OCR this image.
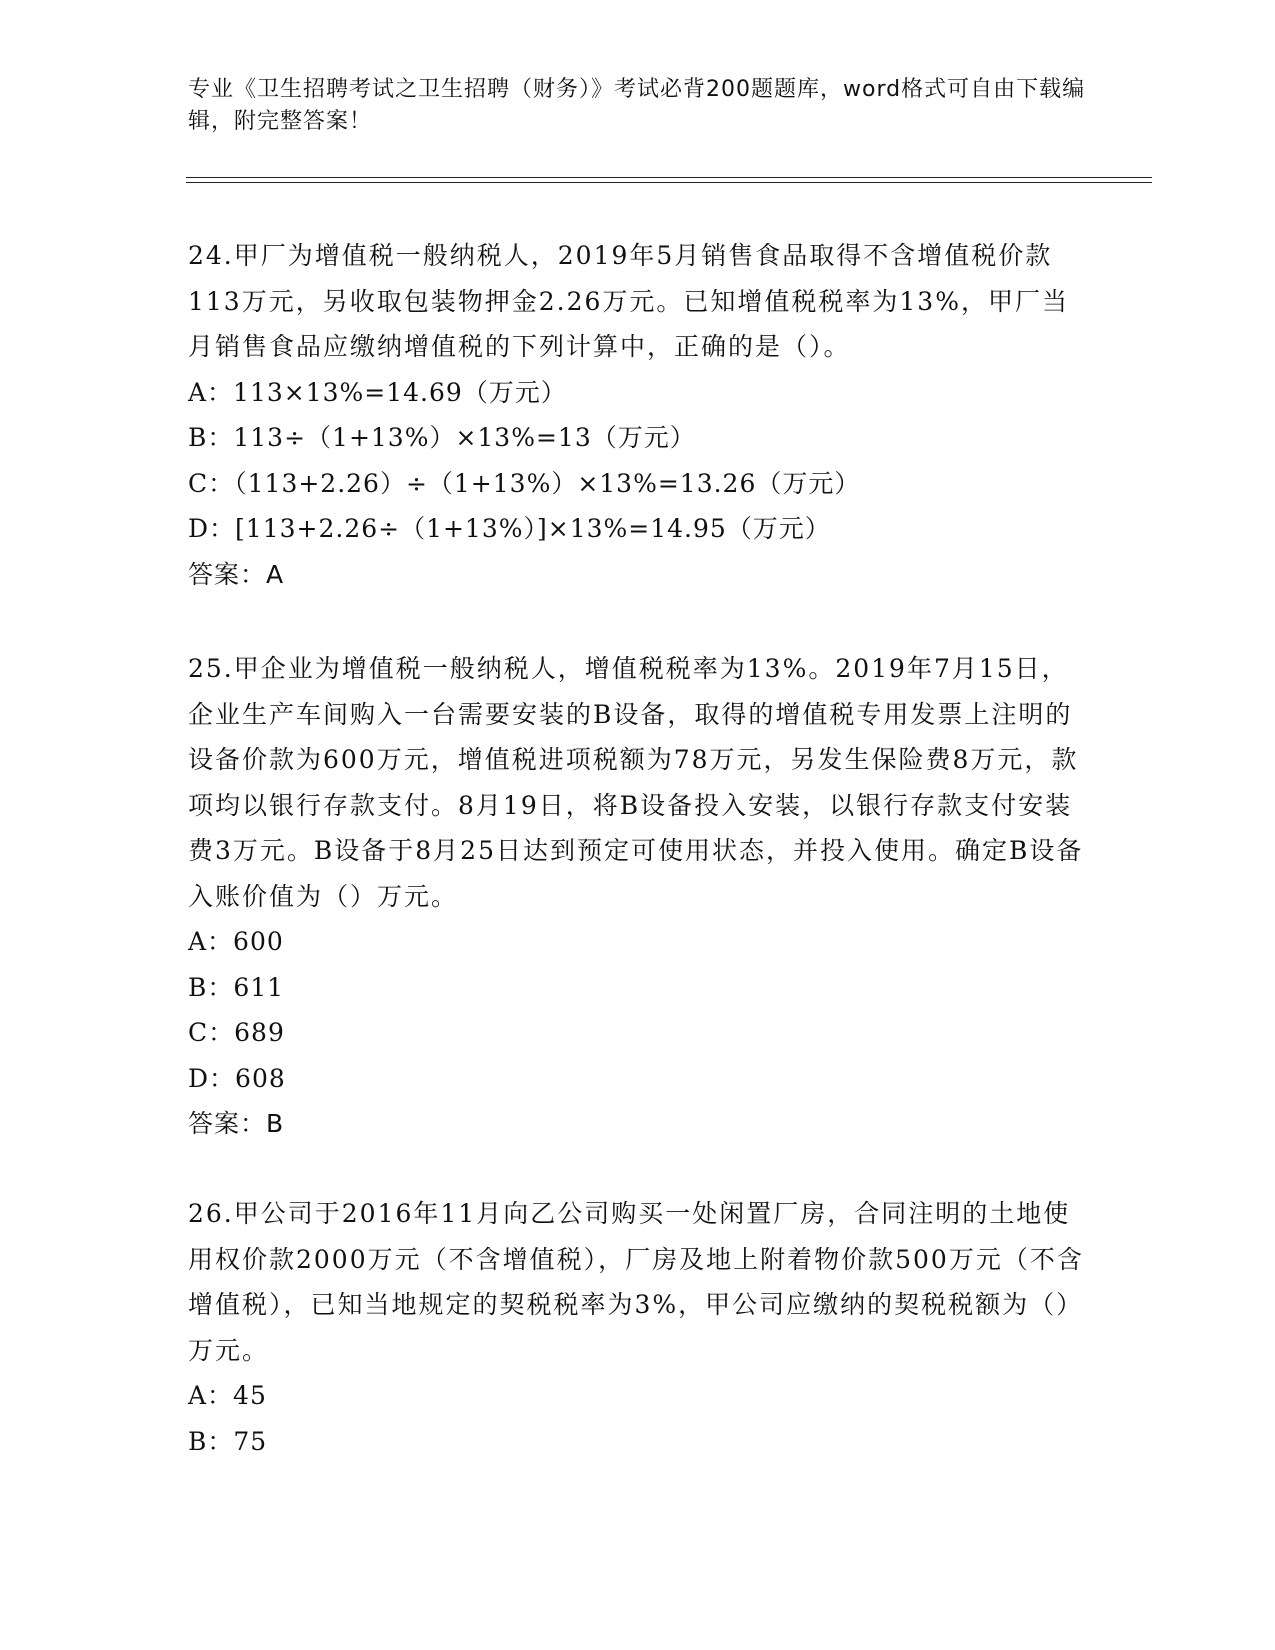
专业《卫生招聘考试之卫生招聘（财务）》考试必背200题题库，word格式可自由下载编辑，附完整答案！
24.甲厂为增值税一般纳税人，2019年5月销售食品取得不含增值税价款113万元，另收取包装物押金2.26万元。已知增值税税率为13%，甲厂当月销售食品应缴纳增值税的下列计算中，正确的是（）。
A：113×13%=14.69（万元）
B：113÷（1+13%）×13%=13（万元）
C：（113+2.26）÷（1+13%）×13%=13.26（万元）
D：[113+2.26÷（1+13%）]×13%=14.95（万元）
答案：A
25.甲企业为增值税一般纳税人，增值税税率为13%。2019年7月15日，企业生产车间购入一台需要安装的B设备，取得的增值税专用发票上注明的设备价款为600万元，增值税进项税额为78万元，另发生保险费8万元，款项均以银行存款支付。8月19日，将B设备投入安装，以银行存款支付安装费3万元。B设备于8月25日达到预定可使用状态，并投入使用。确定B设备入账价值为（）万元。
A：600
B：611
C：689
D：608
答案：B
26.甲公司于2016年11月向乙公司购买一处闲置厂房，合同注明的土地使用权价款2000万元（不含增值税），厂房及地上附着物价款500万元（不含增值税），已知当地规定的契税税率为3%，甲公司应缴纳的契税税额为（）万元。
A：45
B：75
